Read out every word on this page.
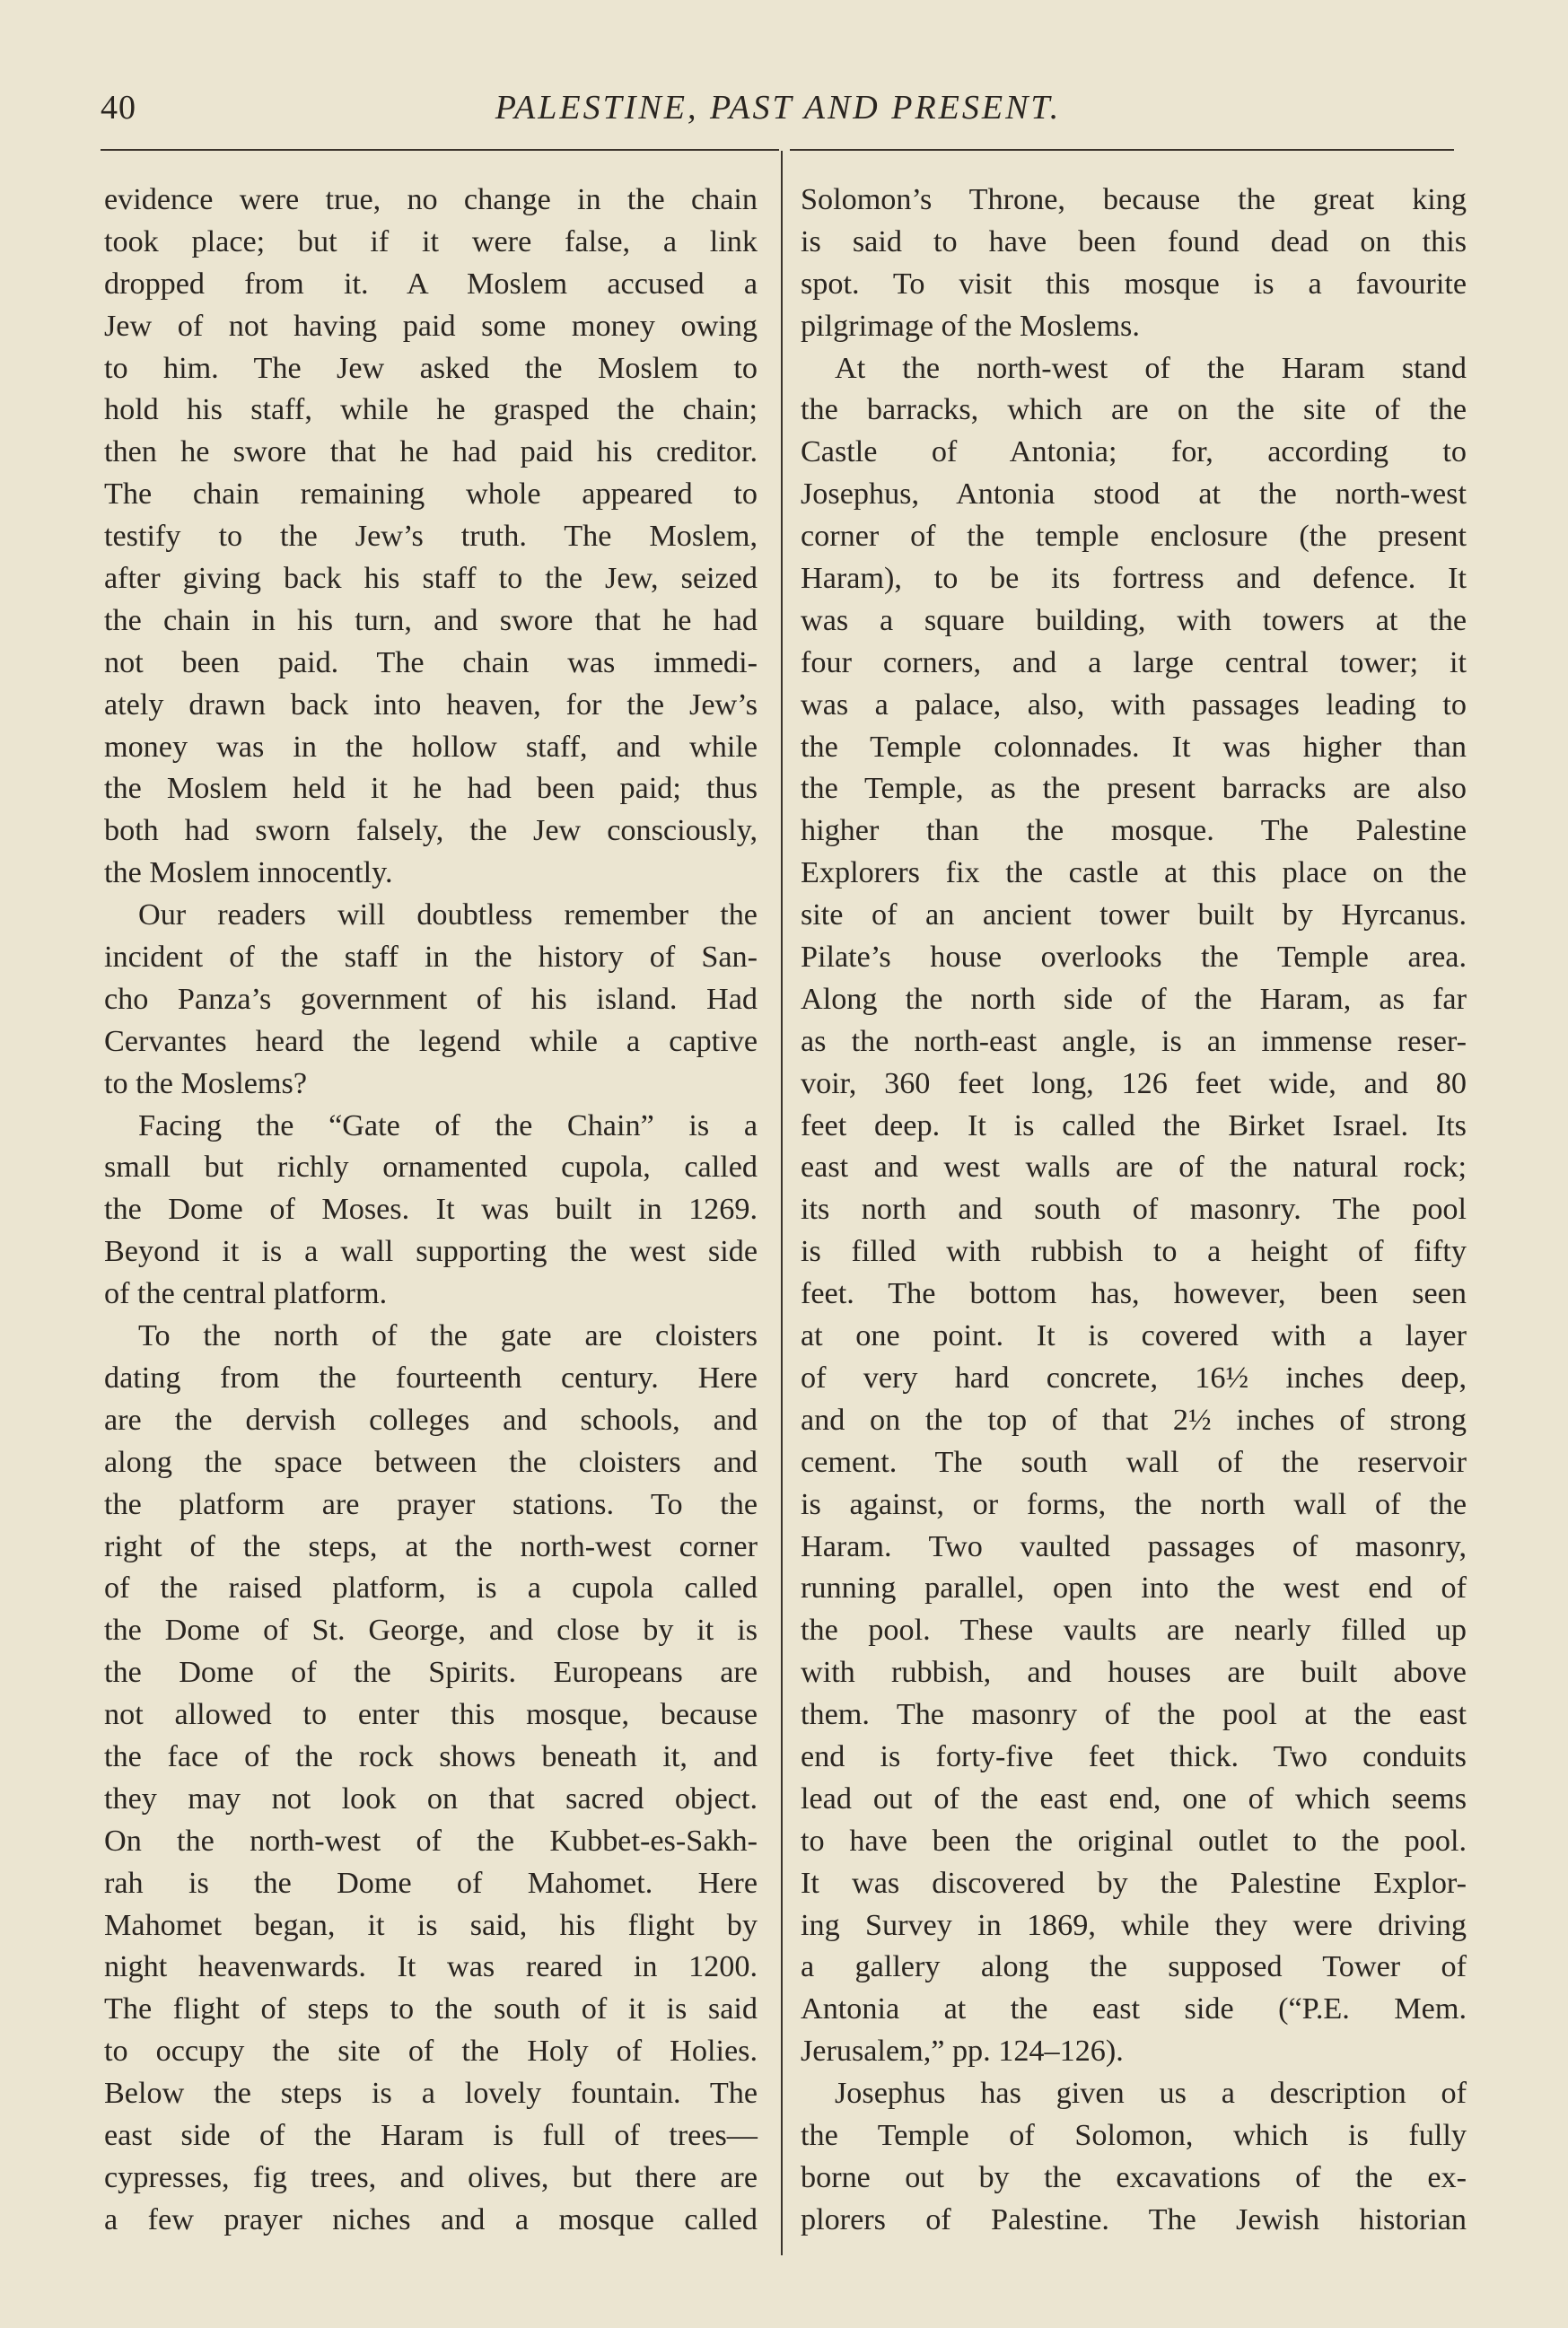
40	PALESTINE, PAST AND PRESENT.
evidence were true, no change in the chain
took place; but if it were false, a link
dropped from it. A Moslem accused a
Jew of not having paid some money owing
to him. The Jew asked the Moslem to
hold his staff, while he grasped the chain;
then he swore that he had paid his creditor.
The chain remaining whole appeared to
testify to the Jew’s truth. The Moslem,
after giving back his staff to the Jew, seized
the chain in his turn, and swore that he had
not been paid. The chain was immedi-
ately drawn back into heaven, for the Jew’s
money was in the hollow staff, and while
the Moslem held it he had been paid; thus
both had sworn falsely, the Jew consciously,
the Moslem innocently.
Our readers will doubtless remember the
incident of the staff in the history of San-
cho Panza’s government of his island. Had
Cervantes heard the legend while a captive
to the Moslems?
Facing the “Gate of the Chain” is a
small but richly ornamented cupola, called
the Dome of Moses. It was built in 1269.
Beyond it is a wall supporting the west side
of the central platform.
To the north of the gate are cloisters
dating from the fourteenth century. Here
are the dervish colleges and schools, and
along the space between the cloisters and
the platform are prayer stations. To the
right of the steps, at the north-west corner
of the raised platform, is a cupola called
the Dome of St. George, and close by it is
the Dome of the Spirits. Europeans are
not allowed to enter this mosque, because
the face of the rock shows beneath it, and
they may not look on that sacred object.
On the north-west of the Kubbet-es-Sakh-
rah is the Dome of Mahomet. Here
Mahomet began, it is said, his flight by
night heavenwards. It was reared in 1200.
The flight of steps to the south of it is said
to occupy the site of the Holy of Holies.
Below the steps is a lovely fountain. The
east side of the Haram is full of trees—
cypresses, fig trees, and olives, but there are
a few prayer niches and a mosque called
Solomon’s Throne, because the great king
is said to have been found dead on this
spot. To visit this mosque is a favourite
pilgrimage of the Moslems.
At the north-west of the Haram stand
the barracks, which are on the site of the
Castle of Antonia; for, according to
Josephus, Antonia stood at the north-west
corner of the temple enclosure (the present
Haram), to be its fortress and defence. It
was a square building, with towers at the
four corners, and a large central tower; it
was a palace, also, with passages leading to
the Temple colonnades. It was higher than
the Temple, as the present barracks are also
higher than the mosque. The Palestine
Explorers fix the castle at this place on the
site of an ancient tower built by Hyrcanus.
Pilate’s house overlooks the Temple area.
Along the north side of the Haram, as far
as the north-east angle, is an immense reser-
voir, 360 feet long, 126 feet wide, and 80
feet deep. It is called the Birket Israel. Its
east and west walls are of the natural rock;
its north and south of masonry. The pool
is filled with rubbish to a height of fifty
feet. The bottom has, however, been seen
at one point. It is covered with a layer
of very hard concrete, 16½ inches deep,
and on the top of that 2½ inches of strong
cement. The south wall of the reservoir
is against, or forms, the north wall of the
Haram. Two vaulted passages of masonry,
running parallel, open into the west end of
the pool. These vaults are nearly filled up
with rubbish, and houses are built above
them. The masonry of the pool at the east
end is forty-five feet thick. Two conduits
lead out of the east end, one of which seems
to have been the original outlet to the pool.
It was discovered by the Palestine Explor-
ing Survey in 1869, while they were driving
a gallery along the supposed Tower of
Antonia at the east side (“P.E. Mem.
Jerusalem,” pp. 124–126).
Josephus has given us a description of
the Temple of Solomon, which is fully
borne out by the excavations of the ex-
plorers of Palestine. The Jewish historian
